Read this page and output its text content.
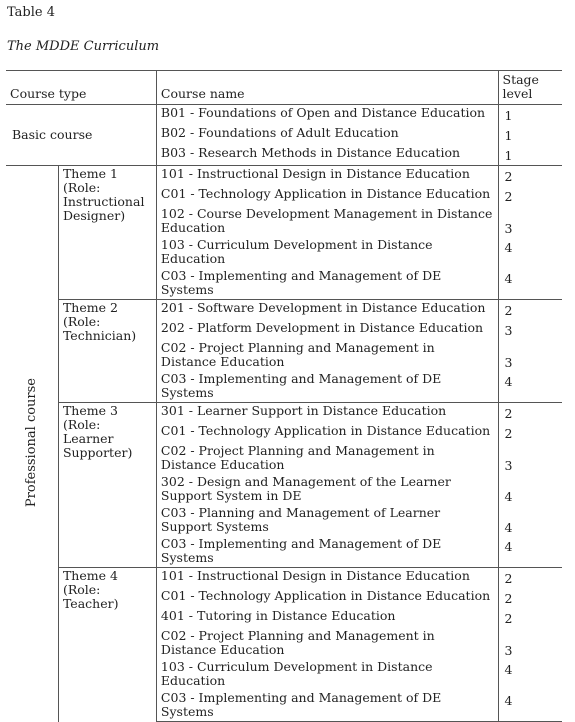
Table 4
The MDDE Curriculum
Course type		Course name	Stage level
Basic course		B01 - Foundations of Open and Distance Education	1
		B02 - Foundations of Adult Education	1
		B03 - Research Methods in Distance Education	1
Professional course	Theme 1 (Role: Instructional Designer)	101 - Instructional Design in Distance Education	2
		C01 - Technology Application in Distance Education	2
		102 - Course Development Management in Distance Education	3
		103 - Curriculum Development in Distance Education	4
		C03 - Implementing and Management of DE Systems	4
	Theme 2 (Role: Technician)	201 - Software Development in Distance Education	2
		202 - Platform Development in Distance Education	3
		C02 - Project Planning and Management in Distance Education	3
		C03 - Implementing and Management of DE Systems	4
	Theme 3 (Role: Learner Supporter)	301 - Learner Support in Distance Education	2
		C01 - Technology Application in Distance Education	2
		C02 - Project Planning and Management in Distance Education	3
		302 - Design and Management of the Learner Support System in DE	4
		C03 - Planning and Management of Learner Support Systems	4
		C03 - Implementing and Management of DE Systems	4
	Theme 4 (Role: Teacher)	101 - Instructional Design in Distance Education	2
		C01 - Technology Application in Distance Education	2
		401 - Tutoring in Distance Education	2
		C02 - Project Planning and Management in Distance Education	3
		103 - Curriculum Development in Distance Education	4
		C03 - Implementing and Management of DE Systems	4
